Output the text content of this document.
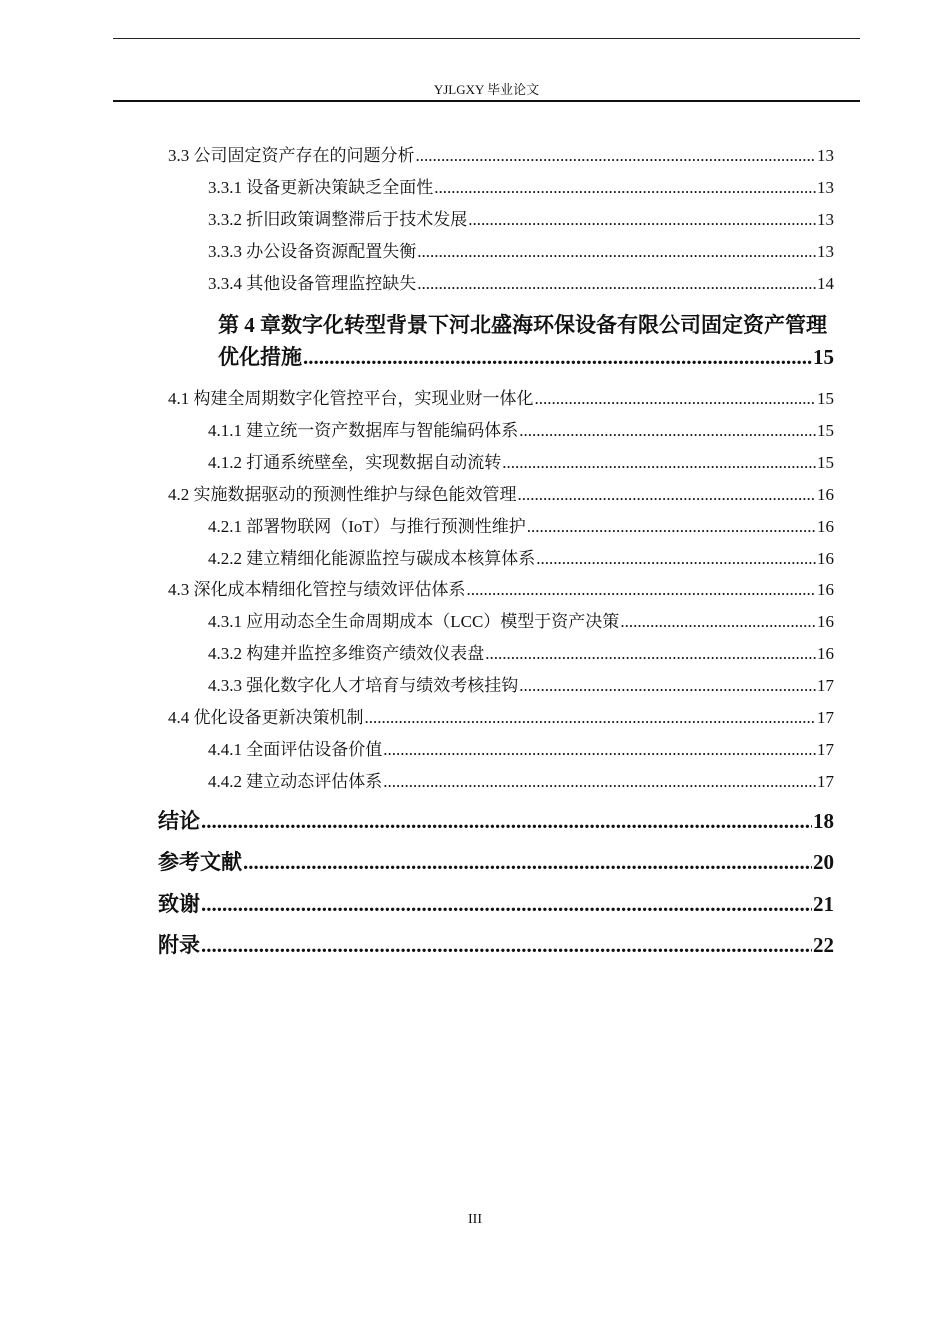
YJLGXY 毕业论文
3.3 公司固定资产存在的问题分析 .....	13
3.3.1 设备更新决策缺乏全面性 .....	13
3.3.2 折旧政策调整滞后于技术发展 .....	13
3.3.3 办公设备资源配置失衡 .....	13
3.3.4 其他设备管理监控缺失 .....	14
第 4 章数字化转型背景下河北盛海环保设备有限公司固定资产管理
优化措施 .....	15
4.1 构建全周期数字化管控平台，实现业财一体化 .....	15
4.1.1 建立统一资产数据库与智能编码体系 .....	15
4.1.2 打通系统壁垒，实现数据自动流转 .....	15
4.2 实施数据驱动的预测性维护与绿色能效管理 .....	16
4.2.1 部署物联网（IoT）与推行预测性维护 .....	16
4.2.2 建立精细化能源监控与碳成本核算体系 .....	16
4.3 深化成本精细化管控与绩效评估体系 .....	16
4.3.1 应用动态全生命周期成本（LCC）模型于资产决策 .....	16
4.3.2 构建并监控多维资产绩效仪表盘 .....	16
4.3.3 强化数字化人才培育与绩效考核挂钩 .....	17
4.4 优化设备更新决策机制 .....	17
4.4.1 全面评估设备价值 .....	17
4.4.2 建立动态评估体系 .....	17
结论 .....	18
参考文献 .....	20
致谢 .....	21
附录 .....	22
III
